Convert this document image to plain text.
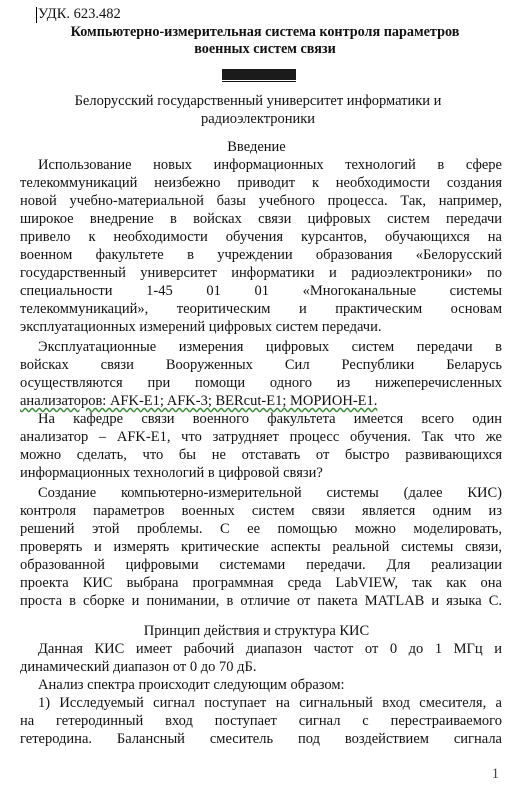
УДК. 623.482
Компьютерно-измерительная система контроля параметров
военных систем связи
Белорусский государственный университет информатики и
радиоэлектроники
Введение
Использование новых информационных технологий в сфере
телекоммуникаций неизбежно приводит к необходимости создания
новой учебно-материальной базы учебного процесса. Так, например,
широкое внедрение в войсках связи цифровых систем передачи
привело к необходимости обучения курсантов, обучающихся на
военном факультете в учреждении образования «Белорусский
государственный университет информатики и радиоэлектроники» по
специальности 1-45 01 01 «Многоканальные системы
телекоммуникаций», теоритическим и практическим основам
эксплуатационных измерений цифровых систем передачи.
Эксплуатационные измерения цифровых систем передачи в
войсках связи Вооруженных Сил Республики Беларусь
осуществляются при помощи одного из нижеперечисленных
анализаторов: AFK-E1; AFK-3; BERcut-E1; МОРИОН-E1.
На кафедре связи военного факультета имеется всего один
анализатор – AFK-E1, что затрудняет процесс обучения. Так что же
можно сделать, что бы не отставать от быстро развивающихся
информационных технологий в цифровой связи?
Создание компьютерно-измерительной системы (далее КИС)
контроля параметров военных систем связи является одним из
решений этой проблемы. С ее помощью можно моделировать,
проверять и измерять критические аспекты реальной системы связи,
образованной цифровыми системами передачи. Для реализации
проекта КИС выбрана программная среда LabVIEW, так как она
проста в сборке и понимании, в отличие от пакета MATLAB и языка С.
Принцип действия и структура КИС
Данная КИС имеет рабочий диапазон частот от 0 до 1 МГц и
динамический диапазон от 0 до 70 дБ.
Анализ спектра происходит следующим образом:
1) Исследуемый сигнал поступает на сигнальный вход смесителя, а
на гетеродинный вход поступает сигнал с перестраиваемого
гетеродина. Балансный смеситель под воздействием сигнала
1
